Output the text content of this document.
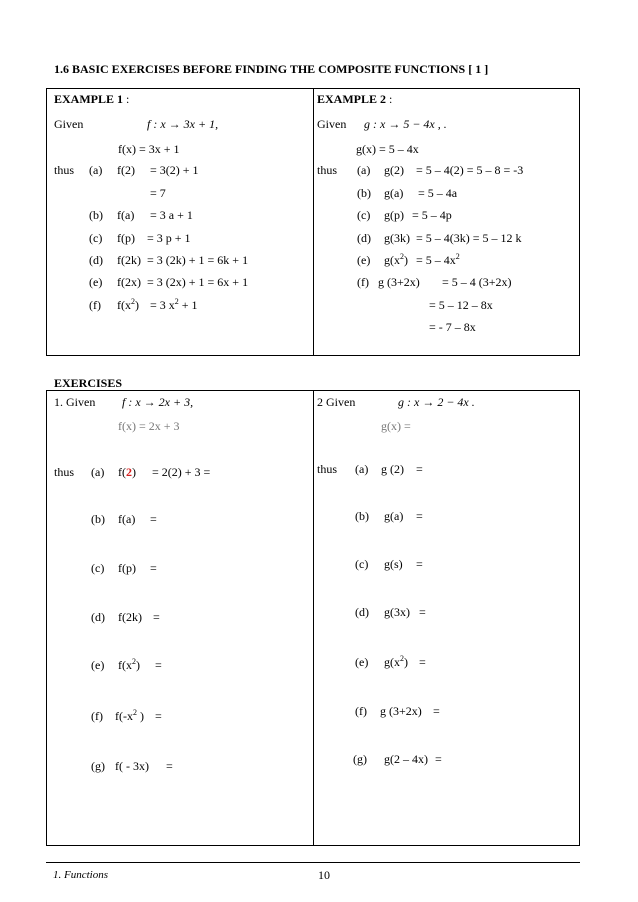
1.6 BASIC EXERCISES BEFORE FINDING THE COMPOSITE FUNCTIONS [ 1 ]
EXAMPLE 1 :
Given	f : x → 3x + 1,
f(x) = 3x + 1
thus (a) f(2) = 3(2) + 1
= 7
(b) f(a) = 3 a + 1
(c) f(p) = 3 p + 1
(d) f(2k) = 3 (2k) + 1 = 6k + 1
(e) f(2x) = 3 (2x) + 1 = 6x + 1
(f) $f(x^2) = 3$ $x^2 + 1$
EXAMPLE 2 :
Given g : x → 5 − 4x , .
g(x) = 5 – 4x
thus (a) g(2) = 5 – 4(2) = 5 – 8 = -3
(b) g(a) = 5 – 4a
(c) g(p) = 5 – 4p
(d) g(3k) = 5 – 4(3k) = 5 – 12 k
(e) $g(x^2) = 5 - 4x^2$
(f) g (3+2x) = 5 – 4 (3+2x)
= 5 – 12 – 8x
= - 7 – 8x
EXERCISES
1. Given f : x → 2x + 3,
f(x) = 2x + 3
thus (a) f(2) = 2(2) + 3 =
(b) f(a) =
(c) f(p) =
(d) f(2k) =
(e) $f(x^2)$ =
(f) $f(-x^2$ ) =
(g) f( - 3x) =
2 Given	g : x → 2 − 4x .
g(x) =
thus (a) g (2) =
(b) g(a) =
(c) g(s) =
(d) g(3x) =
(e) $g(x^2)$ =
(f) g (3+2x) =
(g) g(2 – 4x) =
1. Functions	10
